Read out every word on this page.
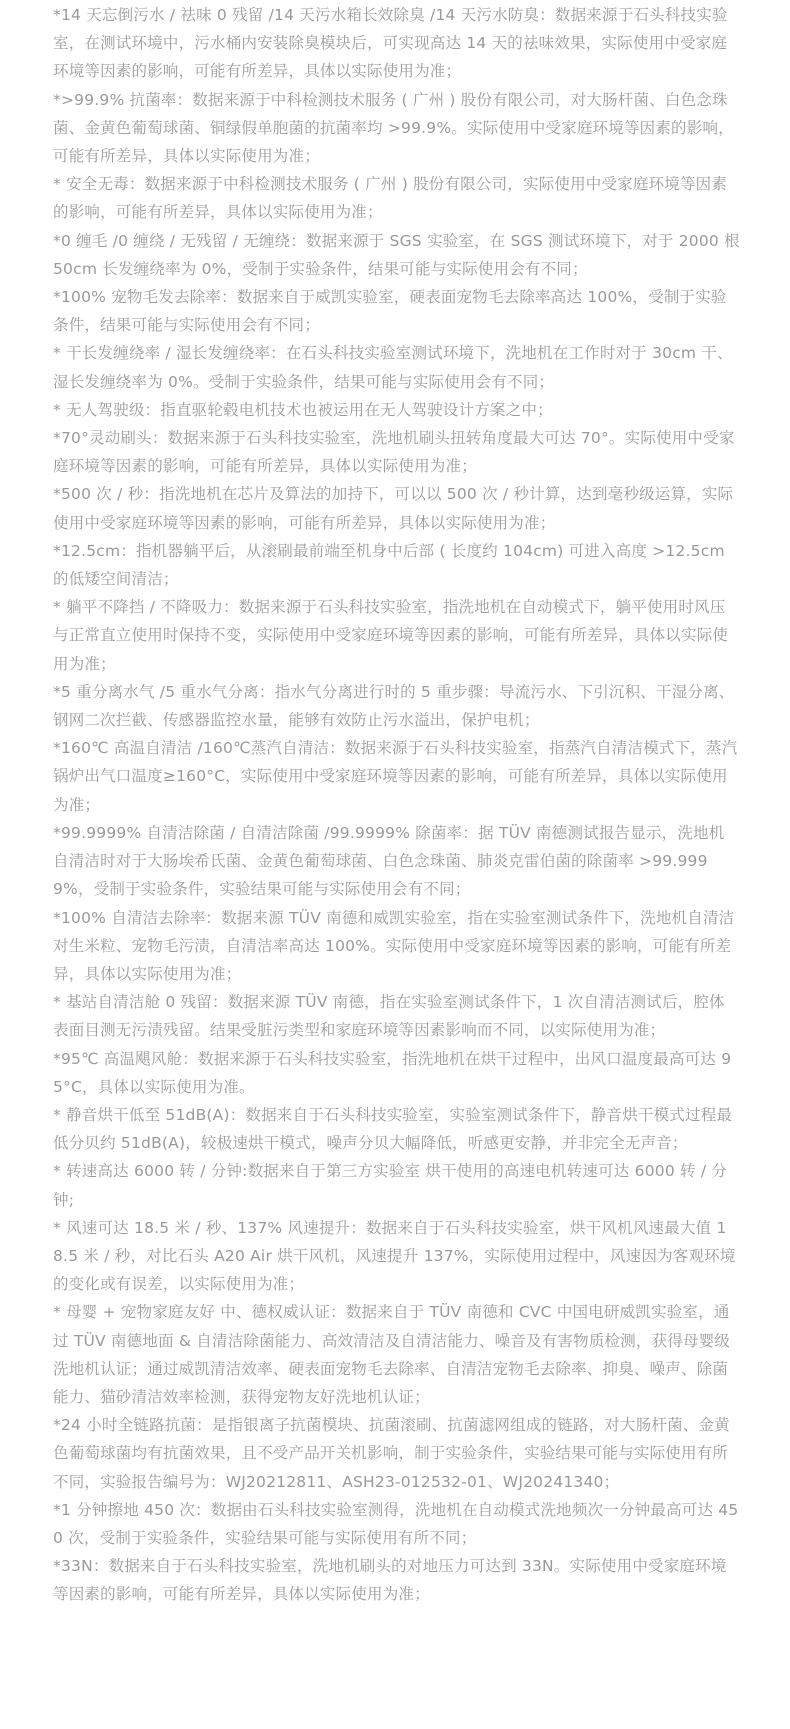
*14 天忘倒污水 / 祛味 0 残留 /14 天污水箱长效除臭 /14 天污水防臭：数据来源于石头科技实验室，在测试环境中，污水桶内安装除臭模块后，可实现高达 14 天的祛味效果，实际使用中受家庭环境等因素的影响，可能有所差异，具体以实际使用为准；

*>99.9% 抗菌率：数据来源于中科检测技术服务 ( 广州 ) 股份有限公司，对大肠杆菌、白色念珠菌、金黄色葡萄球菌、铜绿假单胞菌的抗菌率均 >99.9%。实际使用中受家庭环境等因素的影响，可能有所差异，具体以实际使用为准；

* 安全无毒：数据来源于中科检测技术服务 ( 广州 ) 股份有限公司，实际使用中受家庭环境等因素的影响，可能有所差异，具体以实际使用为准；

*0 缠毛 /0 缠绕 / 无残留 / 无缠绕：数据来源于 SGS 实验室，在 SGS 测试环境下，对于 2000 根 50cm 长发缠绕率为 0%，受制于实验条件，结果可能与实际使用会有不同；

*100% 宠物毛发去除率：数据来自于威凯实验室，硬表面宠物毛去除率高达 100%，受制于实验条件，结果可能与实际使用会有不同；

* 干长发缠绕率 / 湿长发缠绕率：在石头科技实验室测试环境下，洗地机在工作时对于 30cm 干、湿长发缠绕率为 0%。受制于实验条件，结果可能与实际使用会有不同；

* 无人驾驶级：指直驱轮毂电机技术也被运用在无人驾驶设计方案之中；

*70°灵动刷头：数据来源于石头科技实验室，洗地机刷头扭转角度最大可达 70°。实际使用中受家庭环境等因素的影响，可能有所差异，具体以实际使用为准；

*500 次 / 秒：指洗地机在芯片及算法的加持下，可以以 500 次 / 秒计算，达到毫秒级运算，实际使用中受家庭环境等因素的影响，可能有所差异，具体以实际使用为准；

*12.5cm：指机器躺平后，从滚刷最前端至机身中后部 ( 长度约 104cm) 可进入高度 >12.5cm 的低矮空间清洁；

* 躺平不降挡 / 不降吸力：数据来源于石头科技实验室，指洗地机在自动模式下，躺平使用时风压与正常直立使用时保持不变，实际使用中受家庭环境等因素的影响，可能有所差异，具体以实际使用为准；

*5 重分离水气 /5 重水气分离：指水气分离进行时的 5 重步骤：导流污水、下引沉积、干湿分离、钢网二次拦截、传感器监控水量，能够有效防止污水溢出，保护电机；

*160℃ 高温自清洁 /160℃蒸汽自清洁：数据来源于石头科技实验室，指蒸汽自清洁模式下，蒸汽锅炉出气口温度≥160°C，实际使用中受家庭环境等因素的影响，可能有所差异，具体以实际使用为准；

*99.9999% 自清洁除菌 / 自清洁除菌 /99.9999% 除菌率：据 TÜV 南德测试报告显示，洗地机自清洁时对于大肠埃希氏菌、金黄色葡萄球菌、白色念珠菌、肺炎克雷伯菌的除菌率 >99.9999%，受制于实验条件，实验结果可能与实际使用会有不同；

*100% 自清洁去除率：数据来源 TÜV 南德和威凯实验室，指在实验室测试条件下，洗地机自清洁对生米粒、宠物毛污渍，自清洁率高达 100%。实际使用中受家庭环境等因素的影响，可能有所差异，具体以实际使用为准；

* 基站自清洁舱 0 残留：数据来源 TÜV 南德，指在实验室测试条件下，1 次自清洁测试后，腔体表面目测无污渍残留。结果受脏污类型和家庭环境等因素影响而不同，以实际使用为准；

*95℃ 高温飓风舱：数据来源于石头科技实验室，指洗地机在烘干过程中，出风口温度最高可达 95°C，具体以实际使用为准。

* 静音烘干低至 51dB(A)：数据来自于石头科技实验室，实验室测试条件下，静音烘干模式过程最低分贝约 51dB(A)，较极速烘干模式，噪声分贝大幅降低，听感更安静，并非完全无声音；

* 转速高达 6000 转 / 分钟:数据来自于第三方实验室 烘干使用的高速电机转速可达 6000 转 / 分钟;

* 风速可达 18.5 米 / 秒、137% 风速提升：数据来自于石头科技实验室，烘干风机风速最大值 18.5 米 / 秒，对比石头 A20 Air 烘干风机，风速提升 137%，实际使用过程中，风速因为客观环境的变化或有误差，以实际使用为准；

* 母婴 + 宠物家庭友好 中、德权威认证：数据来自于 TÜV 南德和 CVC 中国电研威凯实验室，通过 TÜV 南德地面 & 自清洁除菌能力、高效清洁及自清洁能力、噪音及有害物质检测，获得母婴级洗地机认证；通过威凯清洁效率、硬表面宠物毛去除率、自清洁宠物毛去除率、抑臭、噪声、除菌能力、猫砂清洁效率检测，获得宠物友好洗地机认证；

*24 小时全链路抗菌：是指银离子抗菌模块、抗菌滚刷、抗菌滤网组成的链路，对大肠杆菌、金黄色葡萄球菌均有抗菌效果，且不受产品开关机影响，制于实验条件，实验结果可能与实际使用有所不同，实验报告编号为：WJ20212811、ASH23-012532-01、WJ20241340；

*1 分钟擦地 450 次：数据由石头科技实验室测得，洗地机在自动模式洗地频次一分钟最高可达 450 次，受制于实验条件，实验结果可能与实际使用有所不同；

*33N：数据来自于石头科技实验室，洗地机刷头的对地压力可达到 33N。实际使用中受家庭环境等因素的影响，可能有所差异，具体以实际使用为准；
